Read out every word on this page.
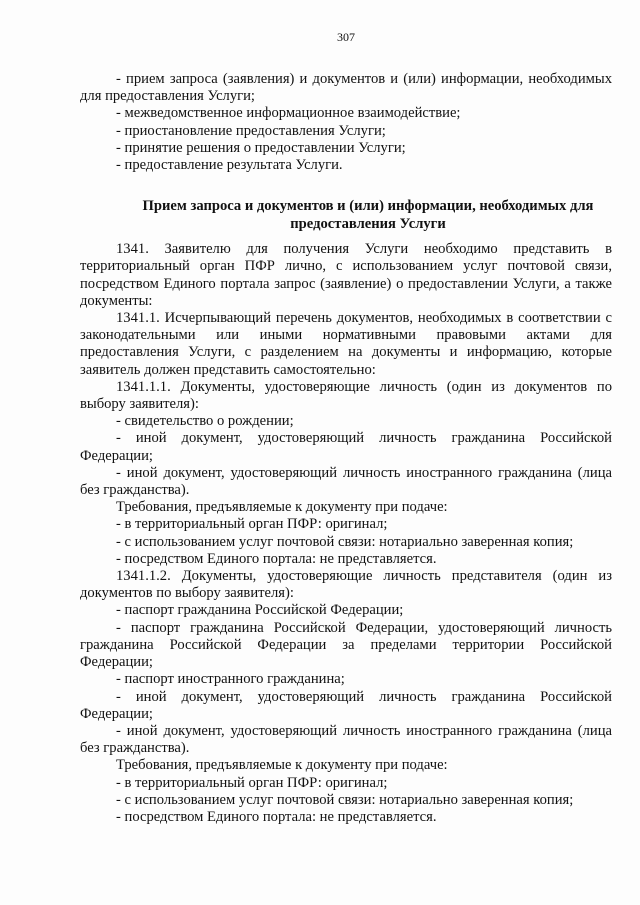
307

- прием запроса (заявления) и документов и (или) информации, необходимых для предоставления Услуги;

- межведомственное информационное взаимодействие;

- приостановление предоставления Услуги;

- принятие решения о предоставлении Услуги;

- предоставление результата Услуги.

Прием запроса и документов и (или) информации, необходимых для предоставления Услуги

1341. Заявителю для получения Услуги необходимо представить в территориальный орган ПФР лично, с использованием услуг почтовой связи, посредством Единого портала запрос (заявление) о предоставлении Услуги, а также документы:

1341.1. Исчерпывающий перечень документов, необходимых в соответствии с законодательными или иными нормативными правовыми актами для предоставления Услуги, с разделением на документы и информацию, которые заявитель должен представить самостоятельно:

1341.1.1. Документы, удостоверяющие личность (один из документов по выбору заявителя):

- свидетельство о рождении;

- иной документ, удостоверяющий личность гражданина Российской Федерации;

- иной документ, удостоверяющий личность иностранного гражданина (лица без гражданства).

Требования, предъявляемые к документу при подаче:

- в территориальный орган ПФР: оригинал;

- с использованием услуг почтовой связи: нотариально заверенная копия;

- посредством Единого портала: не представляется.

1341.1.2. Документы, удостоверяющие личность представителя (один из документов по выбору заявителя):

- паспорт гражданина Российской Федерации;

- паспорт гражданина Российской Федерации, удостоверяющий личность гражданина Российской Федерации за пределами территории Российской Федерации;

- паспорт иностранного гражданина;

- иной документ, удостоверяющий личность гражданина Российской Федерации;

- иной документ, удостоверяющий личность иностранного гражданина (лица без гражданства).

Требования, предъявляемые к документу при подаче:

- в территориальный орган ПФР: оригинал;

- с использованием услуг почтовой связи: нотариально заверенная копия;

- посредством Единого портала: не представляется.
